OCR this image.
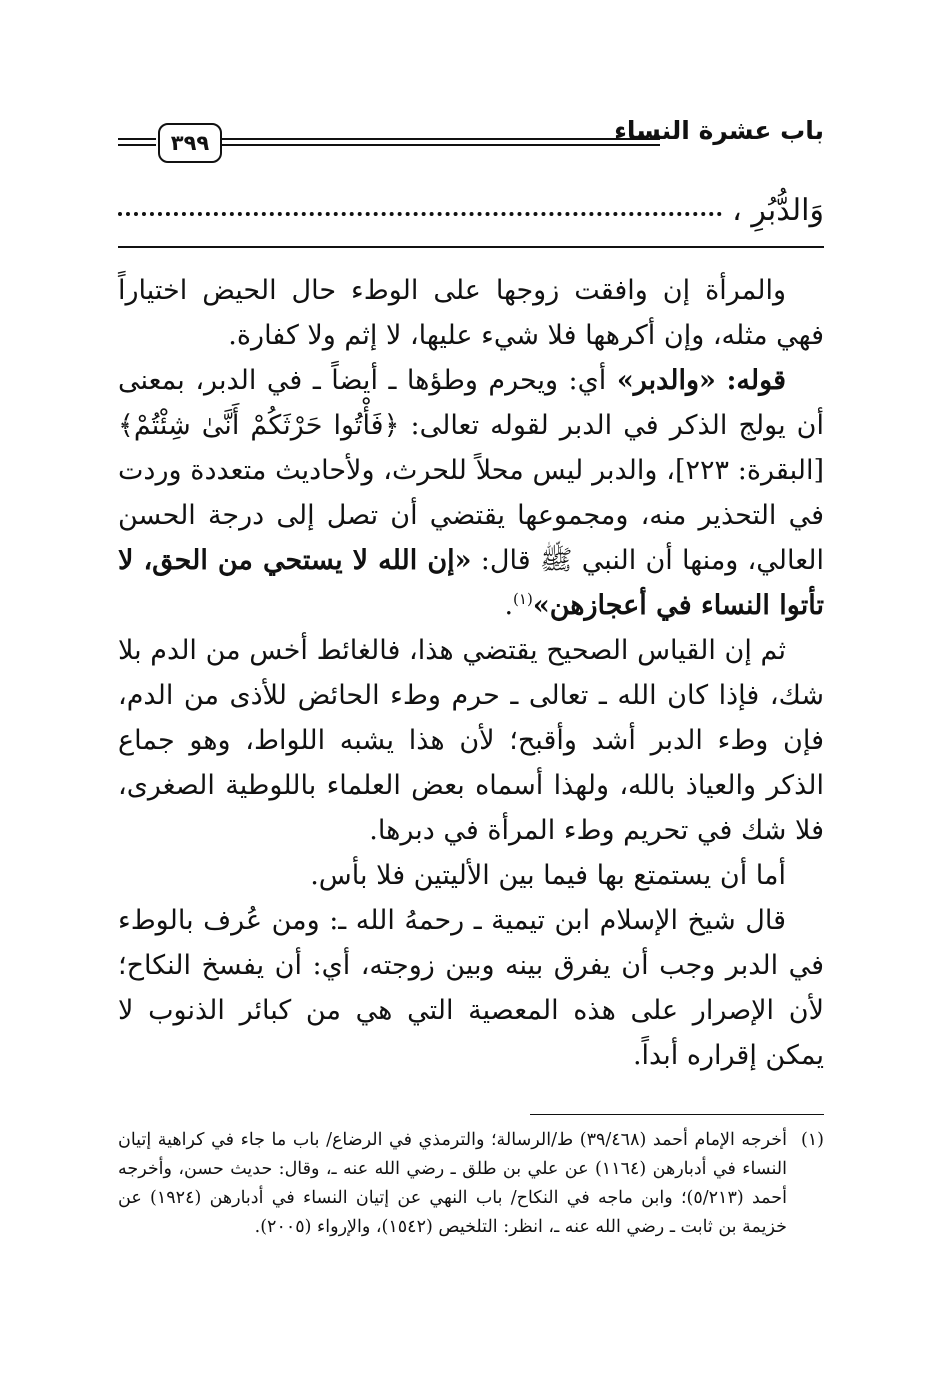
باب عشرة النساء
٣٩٩
وَالدُّبُرِ ،

والمرأة إن وافقت زوجها على الوطء حال الحيض اختياراً فهي مثله، وإن أكرهها فلا شيء عليها، لا إثم ولا كفارة.

قوله: «والدبر» أي: ويحرم وطؤها ـ أيضاً ـ في الدبر، بمعنى أن يولج الذكر في الدبر لقوله تعالى: ﴿فَأْتُوا حَرْثَكُمْ أَنَّىٰ شِئْتُمْ﴾ [البقرة: ٢٢٣]، والدبر ليس محلاً للحرث، ولأحاديث متعددة وردت في التحذير منه، ومجموعها يقتضي أن تصل إلى درجة الحسن العالي، ومنها أن النبي ﷺ قال: «إن الله لا يستحي من الحق، لا تأتوا النساء في أعجازهن»$^{(١)}$.

ثم إن القياس الصحيح يقتضي هذا، فالغائط أخس من الدم بلا شك، فإذا كان الله ـ تعالى ـ حرم وطء الحائض للأذى من الدم، فإن وطء الدبر أشد وأقبح؛ لأن هذا يشبه اللواط، وهو جماع الذكر والعياذ بالله، ولهذا أسماه بعض العلماء باللوطية الصغرى، فلا شك في تحريم وطء المرأة في دبرها.

أما أن يستمتع بها فيما بين الأليتين فلا بأس.

قال شيخ الإسلام ابن تيمية ـ رحمهُ الله ـ: ومن عُرف بالوطء في الدبر وجب أن يفرق بينه وبين زوجته، أي: أن يفسخ النكاح؛ لأن الإصرار على هذه المعصية التي هي من كبائر الذنوب لا يمكن إقراره أبداً.

(١)
أخرجه الإمام أحمد (٣٩/٤٦٨) ط/الرسالة؛ والترمذي في الرضاع/ باب ما جاء في كراهية إتيان النساء في أدبارهن (١١٦٤) عن علي بن طلق ـ رضي الله عنه ـ، وقال: حديث حسن، وأخرجه أحمد (٥/٢١٣)؛ وابن ماجه في النكاح/ باب النهي عن إتيان النساء في أدبارهن (١٩٢٤) عن خزيمة بن ثابت ـ رضي الله عنه ـ، انظر: التلخيص (١٥٤٢)، والإرواء (٢٠٠٥).
